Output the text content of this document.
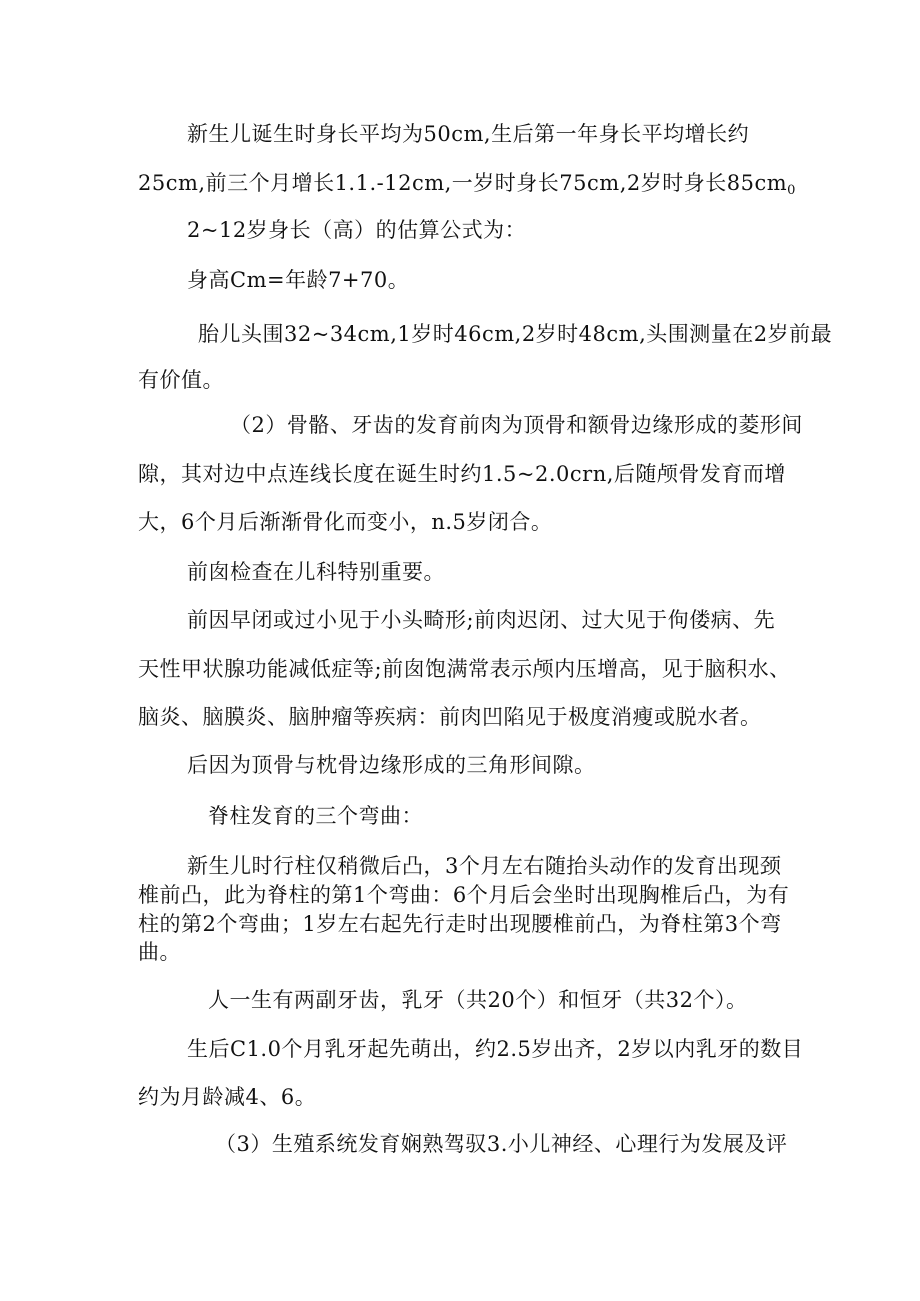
新生儿诞生时身长平均为50cm,生后第一年身长平均增长约
25cm,前三个月增长1.1.-12cm,一岁时身长75cm,2岁时身长$85cm_0$
2~12岁身长（高）的估算公式为：
身高Cm=年龄7+70。
胎儿头围32~34cm,1岁时46cm,2岁时48cm,头围测量在2岁前最
有价值。
（2）骨骼、牙齿的发育前肉为顶骨和额骨边缘形成的菱形间
隙，其对边中点连线长度在诞生时约1.5~2.0crn,后随颅骨发育而增
大，6个月后渐渐骨化而变小，n.5岁闭合。
前囱检查在儿科特别重要。
前因早闭或过小见于小头畸形;前肉迟闭、过大见于佝偻病、先
天性甲状腺功能减低症等;前囱饱满常表示颅内压增高，见于脑积水、
脑炎、脑膜炎、脑肿瘤等疾病：前肉凹陷见于极度消瘦或脱水者。
后因为顶骨与枕骨边缘形成的三角形间隙。
脊柱发育的三个弯曲：
新生儿时行柱仅稍微后凸，3个月左右随抬头动作的发育出现颈
椎前凸，此为脊柱的第1个弯曲：6个月后会坐时出现胸椎后凸，为有
柱的第2个弯曲；1岁左右起先行走时出现腰椎前凸，为脊柱第3个弯
曲。
人一生有两副牙齿，乳牙（共20个）和恒牙（共32个）。
生后C1.0个月乳牙起先萌出，约2.5岁出齐，2岁以内乳牙的数目
约为月龄减4、6。
（3）生殖系统发育娴熟驾驭3.小儿神经、心理行为发展及评
